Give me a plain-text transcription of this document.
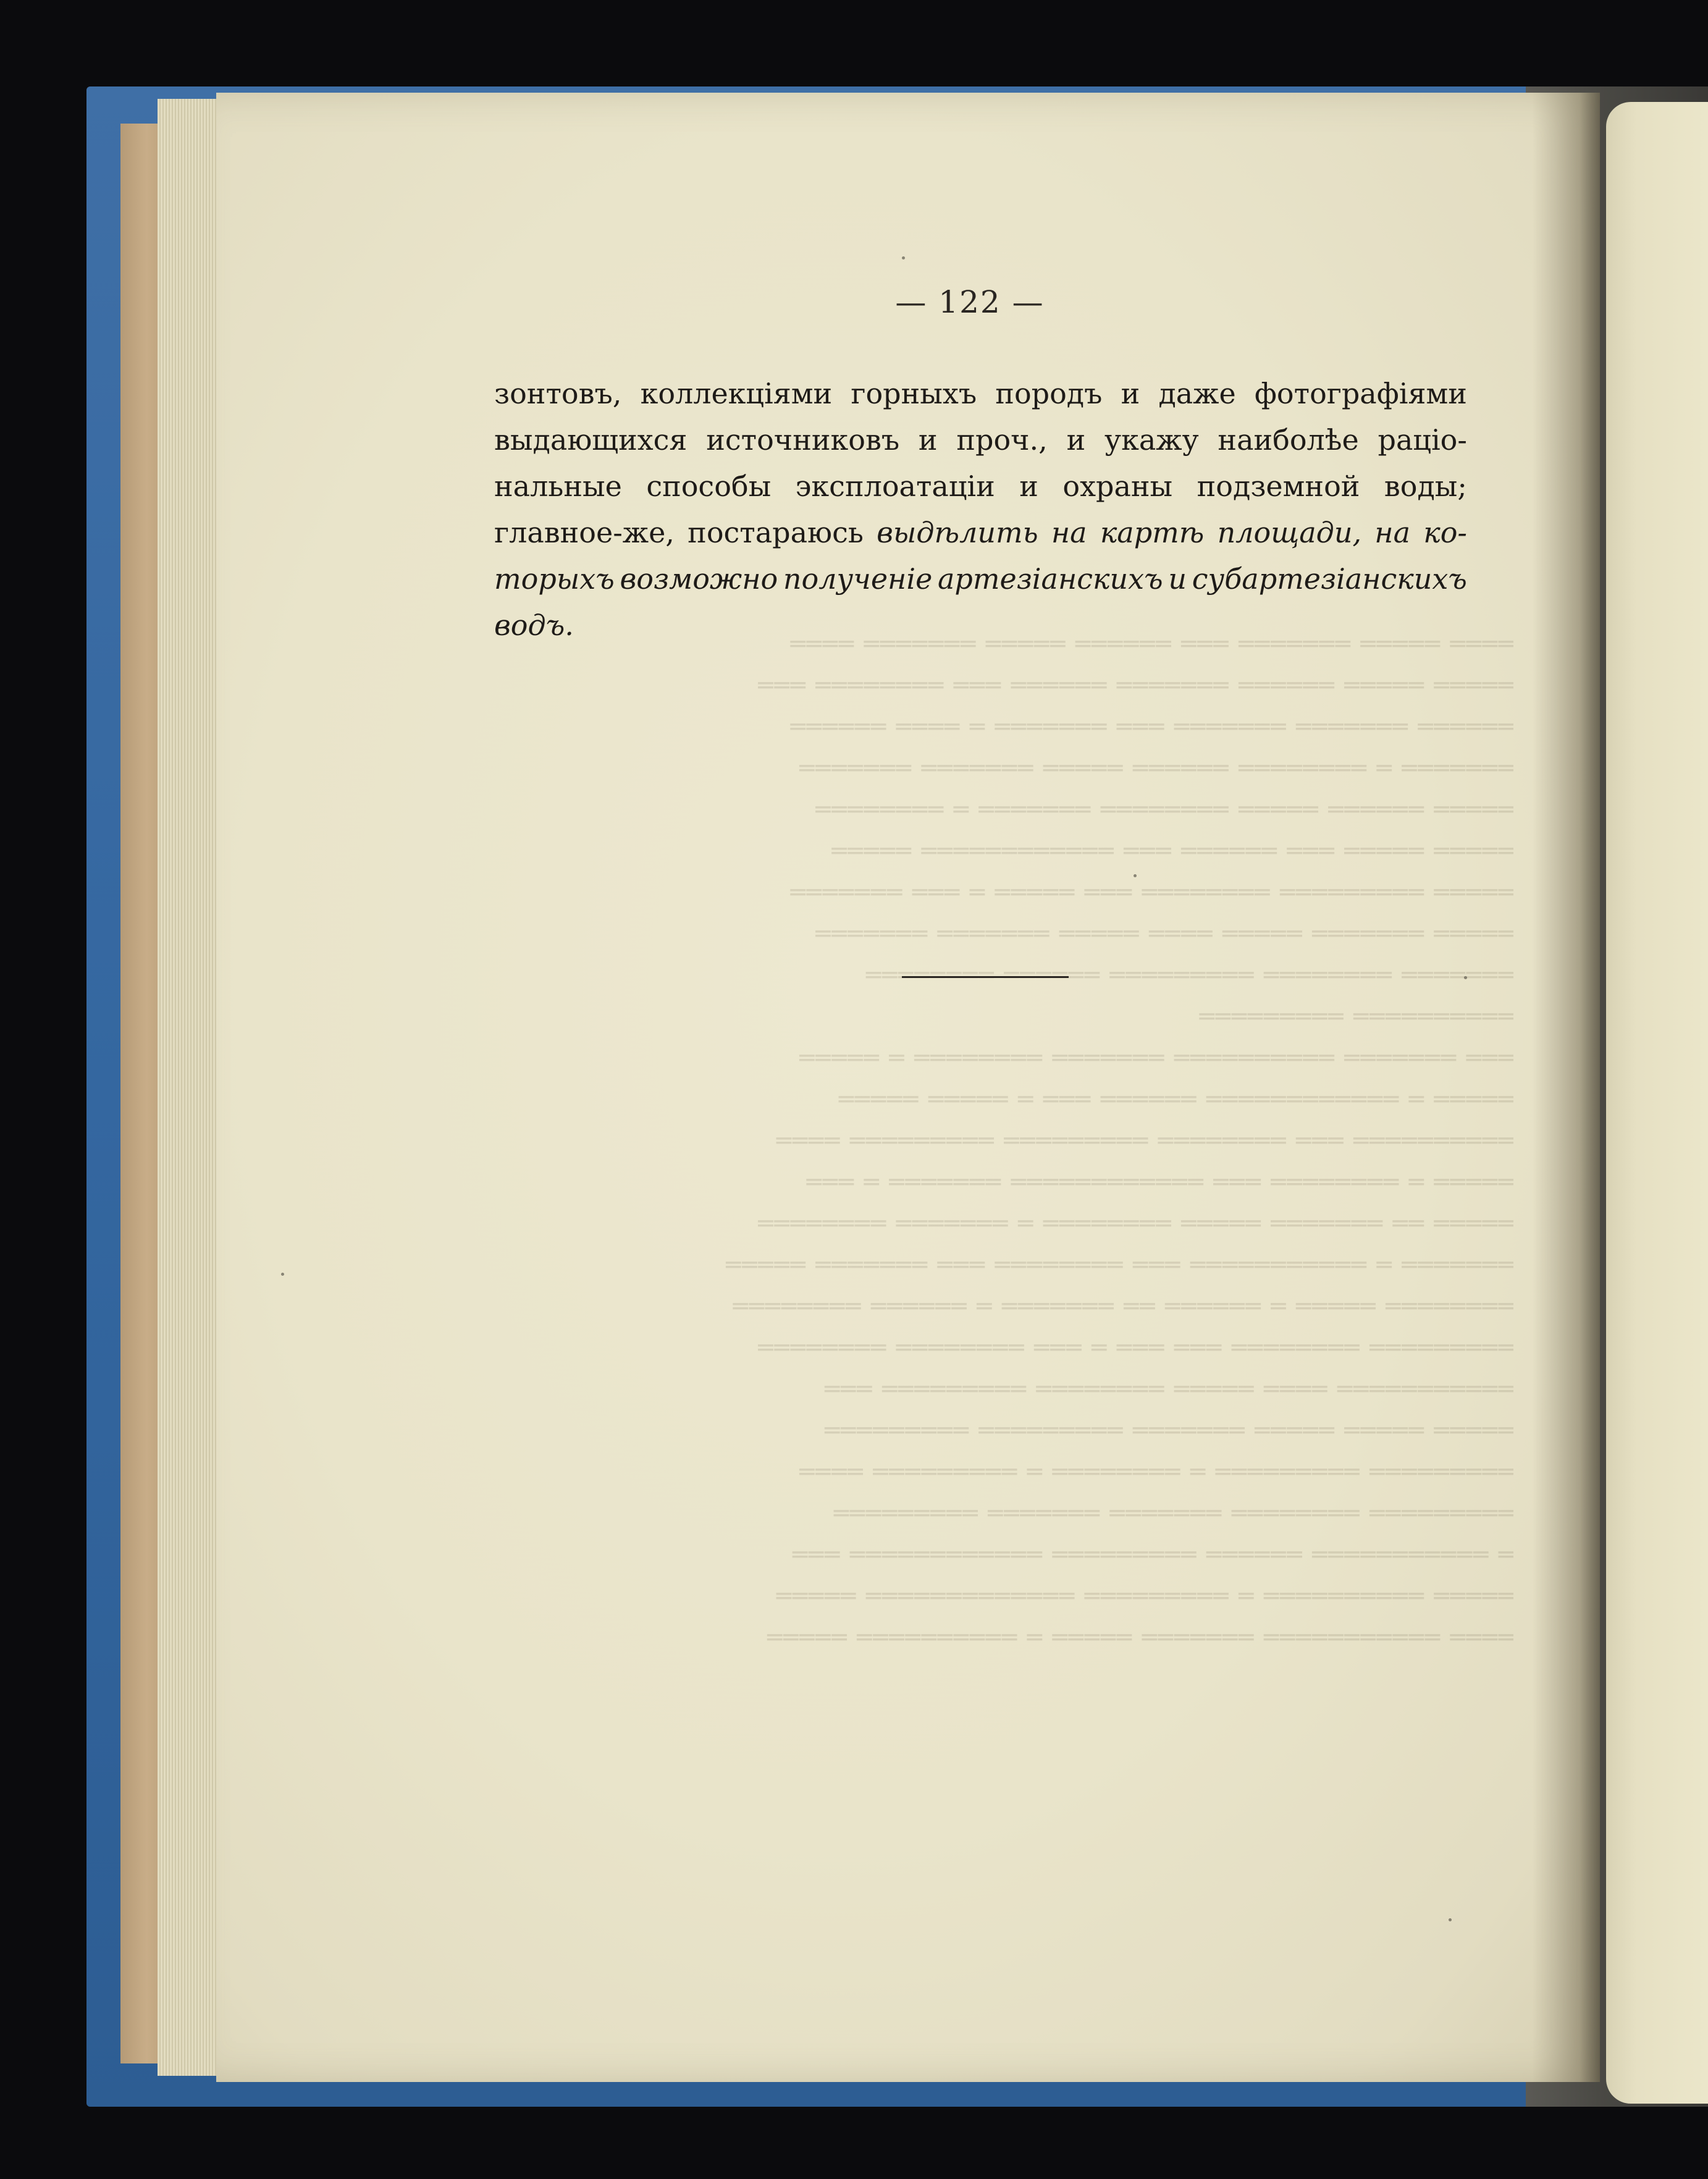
— 122 —
зонтовъ, коллекціями горныхъ породъ и даже фотографіями
выдающихся источниковъ и проч., и укажу наиболѣе раціо-
нальные способы эксплоатаціи и охраны подземной воды;
главное-же, постараюсь выдѣлить на картѣ площади, на ко-
торыхъ возможно полученіе артезіанскихъ и субартезіанскихъ
водъ.
